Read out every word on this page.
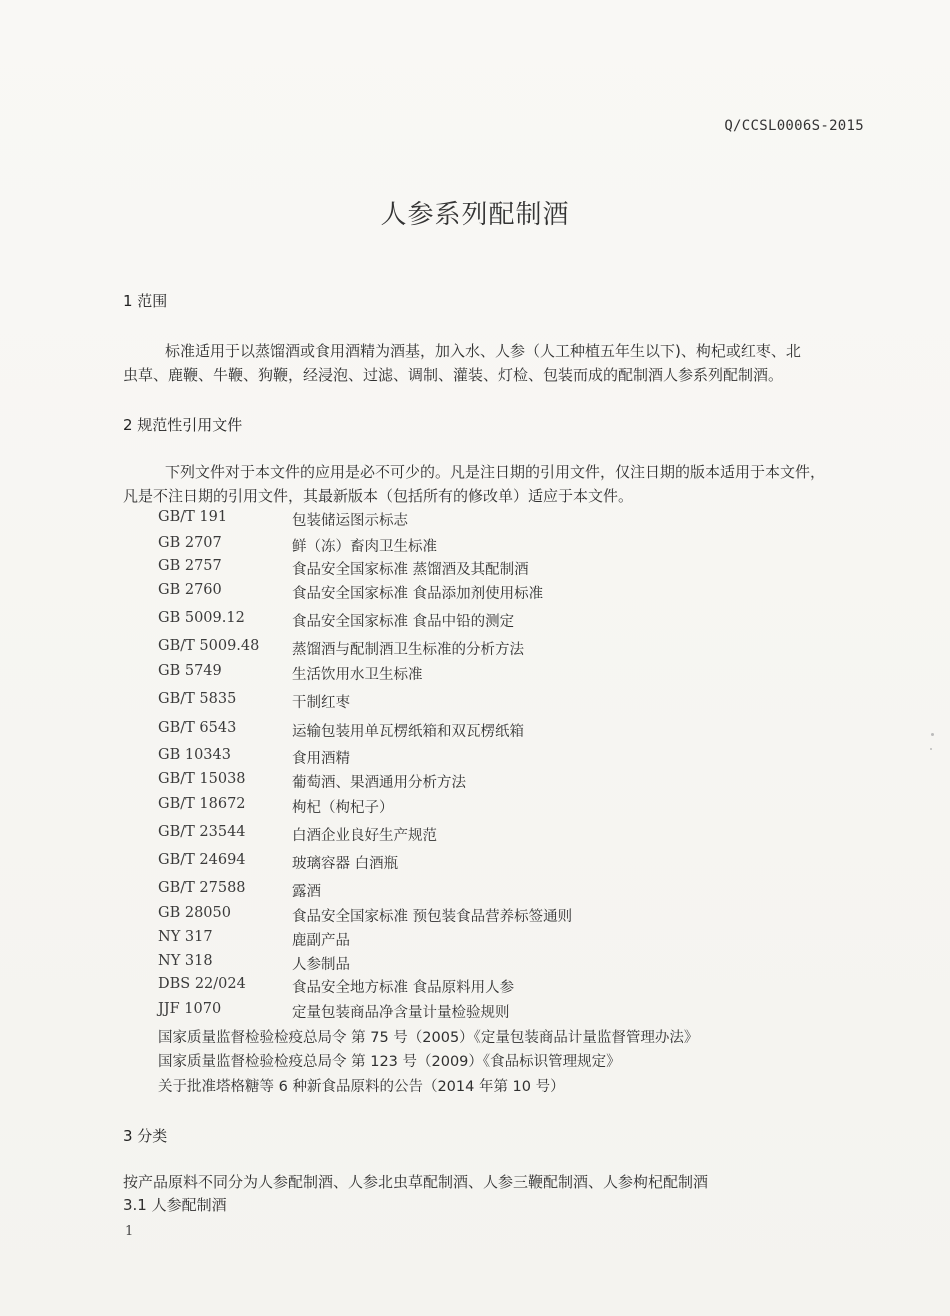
Q/CCSL0006S-2015
人参系列配制酒
1 范围
标准适用于以蒸馏酒或食用酒精为酒基，加入水、人参（人工种植五年生以下)、枸杞或红枣、北
虫草、鹿鞭、牛鞭、狗鞭，经浸泡、过滤、调制、灌装、灯检、包装而成的配制酒人参系列配制酒。
2 规范性引用文件
下列文件对于本文件的应用是必不可少的。凡是注日期的引用文件，仅注日期的版本适用于本文件，
凡是不注日期的引用文件，其最新版本（包括所有的修改单）适应于本文件。
GB/T 191	包装储运图示标志
GB 2707	鲜（冻）畜肉卫生标准
GB 2757	食品安全国家标准 蒸馏酒及其配制酒
GB 2760	食品安全国家标准 食品添加剂使用标准
GB 5009.12	食品安全国家标准 食品中铅的测定
GB/T 5009.48 蒸馏酒与配制酒卫生标准的分析方法
GB 5749	生活饮用水卫生标准
GB/T 5835	干制红枣
GB/T 6543	运输包装用单瓦楞纸箱和双瓦楞纸箱
GB 10343	食用酒精
GB/T 15038	葡萄酒、果酒通用分析方法
GB/T 18672	枸杞（枸杞子）
GB/T 23544	白酒企业良好生产规范
GB/T 24694	玻璃容器 白酒瓶
GB/T 27588	露酒
GB 28050	食品安全国家标准 预包装食品营养标签通则
NY 317	鹿副产品
NY 318	人参制品
DBS 22/024	食品安全地方标准 食品原料用人参
JJF 1070	定量包装商品净含量计量检验规则
国家质量监督检验检疫总局令 第 75 号（2005）《定量包装商品计量监督管理办法》
国家质量监督检验检疫总局令 第 123 号（2009）《食品标识管理规定》
关于批准塔格糖等 6 种新食品原料的公告（2014 年第 10 号）
3 分类
按产品原料不同分为人参配制酒、人参北虫草配制酒、人参三鞭配制酒、人参枸杞配制酒
3.1 人参配制酒
1
